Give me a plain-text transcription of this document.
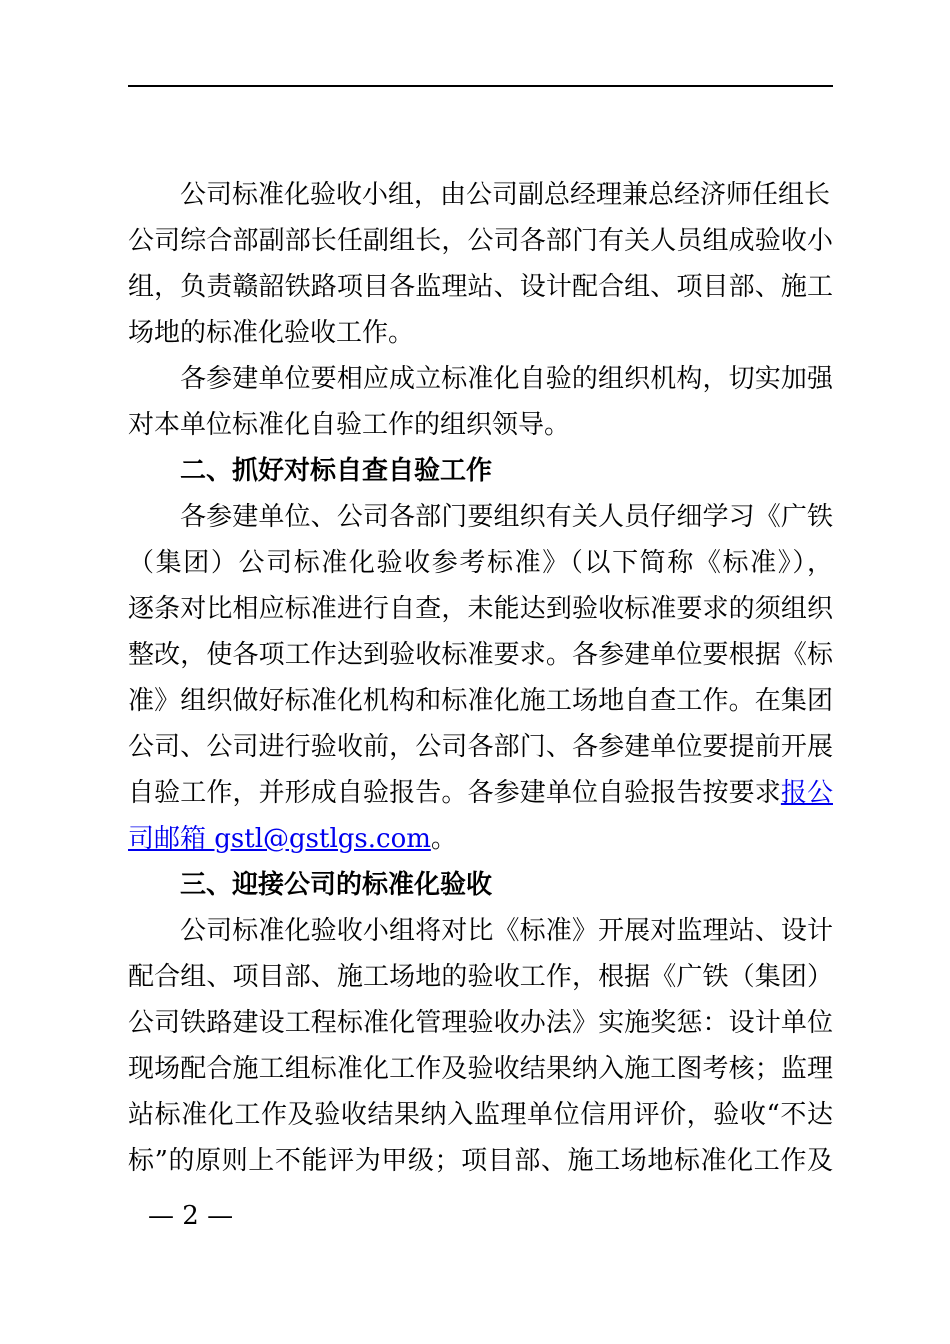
公司标准化验收小组，由公司副总经理兼总经济师任组长
公司综合部副部长任副组长，公司各部门有关人员组成验收小
组，负责赣韶铁路项目各监理站、设计配合组、项目部、施工
场地的标准化验收工作。
各参建单位要相应成立标准化自验的组织机构，切实加强
对本单位标准化自验工作的组织领导。
二、抓好对标自查自验工作
各参建单位、公司各部门要组织有关人员仔细学习《广铁
（集团）公司标准化验收参考标准》（以下简称《标准》），
逐条对比相应标准进行自查，未能达到验收标准要求的须组织
整改，使各项工作达到验收标准要求。各参建单位要根据《标
准》组织做好标准化机构和标准化施工场地自查工作。在集团
公司、公司进行验收前，公司各部门、各参建单位要提前开展
自验工作，并形成自验报告。各参建单位自验报告按要求报公
司邮箱 gstl@gstlgs.com。
三、迎接公司的标准化验收
公司标准化验收小组将对比《标准》开展对监理站、设计
配合组、项目部、施工场地的验收工作，根据《广铁（集团）
公司铁路建设工程标准化管理验收办法》实施奖惩：设计单位
现场配合施工组标准化工作及验收结果纳入施工图考核；监理
站标准化工作及验收结果纳入监理单位信用评价，验收“不达
标”的原则上不能评为甲级；项目部、施工场地标准化工作及
— 2 —
